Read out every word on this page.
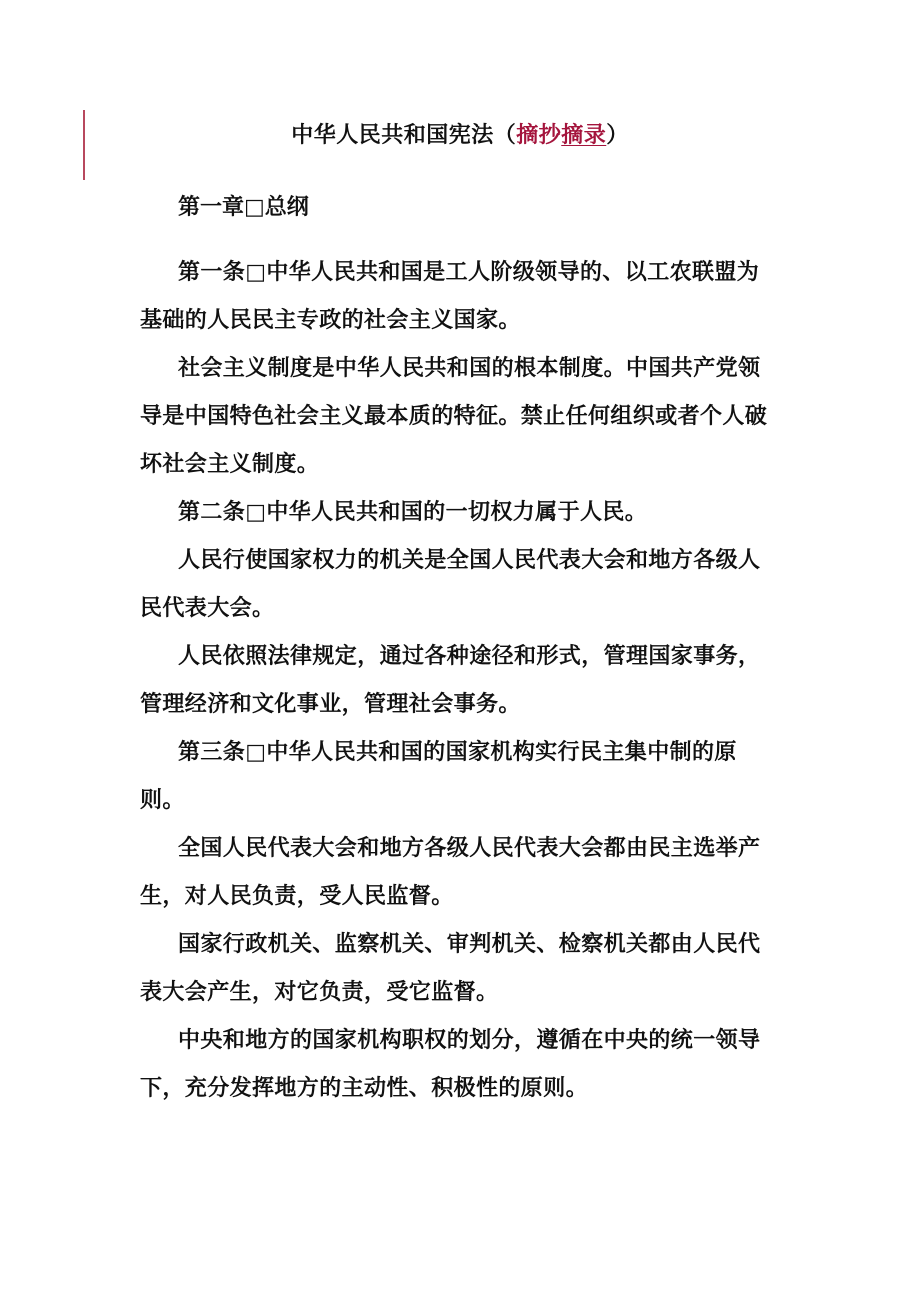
中华人民共和国宪法（摘抄摘录）
第一章□总纲

第一条□中华人民共和国是工人阶级领导的、以工农联盟为基础的人民民主专政的社会主义国家。

社会主义制度是中华人民共和国的根本制度。中国共产党领导是中国特色社会主义最本质的特征。禁止任何组织或者个人破坏社会主义制度。

第二条□中华人民共和国的一切权力属于人民。

人民行使国家权力的机关是全国人民代表大会和地方各级人民代表大会。

人民依照法律规定，通过各种途径和形式，管理国家事务，管理经济和文化事业，管理社会事务。

第三条□中华人民共和国的国家机构实行民主集中制的原则。

全国人民代表大会和地方各级人民代表大会都由民主选举产生，对人民负责，受人民监督。

国家行政机关、监察机关、审判机关、检察机关都由人民代表大会产生，对它负责，受它监督。

中央和地方的国家机构职权的划分，遵循在中央的统一领导下，充分发挥地方的主动性、积极性的原则。
